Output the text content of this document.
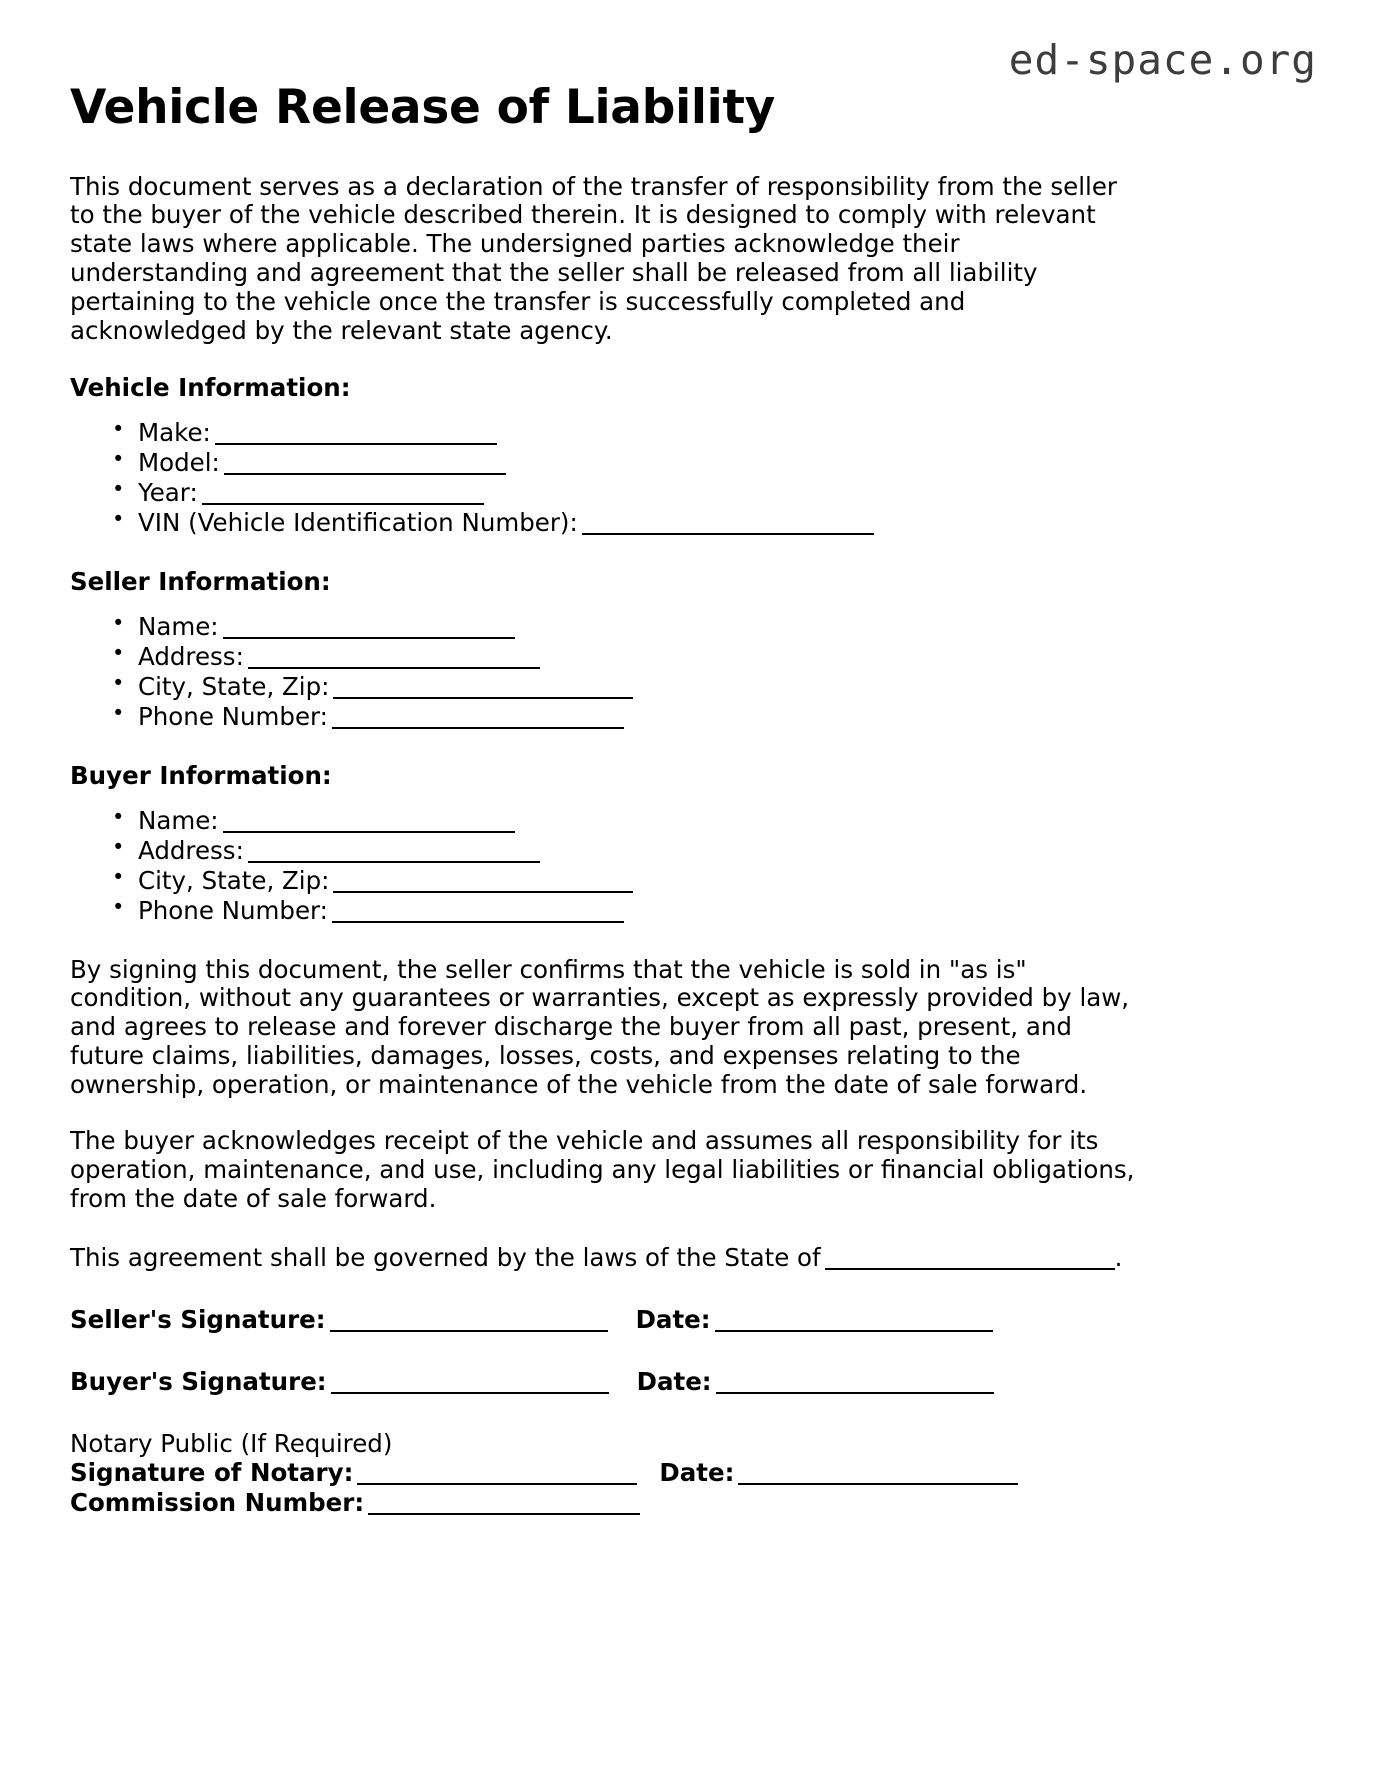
ed-space.org
Vehicle Release of Liability

This document serves as a declaration of the transfer of responsibility from the seller to the buyer of the vehicle described therein. It is designed to comply with relevant state laws where applicable. The undersigned parties acknowledge their understanding and agreement that the seller shall be released from all liability pertaining to the vehicle once the transfer is successfully completed and acknowledged by the relevant state agency.

Vehicle Information:
• Make:
• Model:
• Year:
• VIN (Vehicle Identification Number):
Seller Information:
• Name:
• Address:
• City, State, Zip:
• Phone Number:
Buyer Information:
• Name:
• Address:
• City, State, Zip:
• Phone Number:

By signing this document, the seller confirms that the vehicle is sold in "as is" condition, without any guarantees or warranties, except as expressly provided by law, and agrees to release and forever discharge the buyer from all past, present, and future claims, liabilities, damages, losses, costs, and expenses relating to the ownership, operation, or maintenance of the vehicle from the date of sale forward.

The buyer acknowledges receipt of the vehicle and assumes all responsibility for its operation, maintenance, and use, including any legal liabilities or financial obligations, from the date of sale forward.

This agreement shall be governed by the laws of the State of	.
Seller's Signature:	Date:
Buyer's Signature:	Date:
Notary Public (If Required)
Signature of Notary:	Date:
Commission Number:
